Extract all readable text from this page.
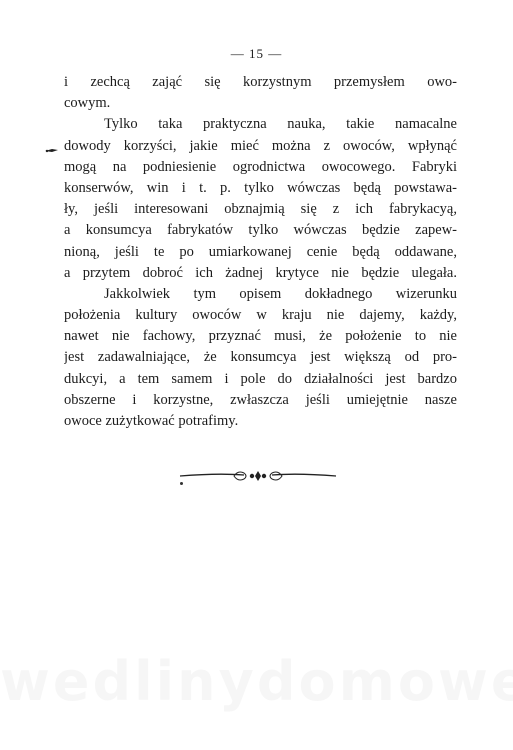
— 15 —
i zechcą zająć się korzystnym przemysłem owo-
cowym.
Tylko taka praktyczna nauka, takie namacalne
dowody korzyści, jakie mieć można z owoców, wpłynąć
mogą na podniesienie ogrodnictwa owocowego. Fabryki
konserwów, win i t. p. tylko wówczas będą powstawa-
ły, jeśli interesowani obznajmią się z ich fabrykacyą,
a konsumcya fabrykatów tylko wówczas będzie zapew-
nioną, jeśli te po umiarkowanej cenie będą oddawane,
a przytem dobroć ich żadnej krytyce nie będzie ulegała.
Jakkolwiek tym opisem dokładnego wizerunku
położenia kultury owoców w kraju nie dajemy, każdy,
nawet nie fachowy, przyznać musi, że położenie to nie
jest zadawalniające, że konsumcya jest większą od pro-
dukcyi, a tem samem i pole do działalności jest bardzo
obszerne i korzystne, zwłaszcza jeśli umiejętnie nasze
owoce zużytkować potrafimy.
